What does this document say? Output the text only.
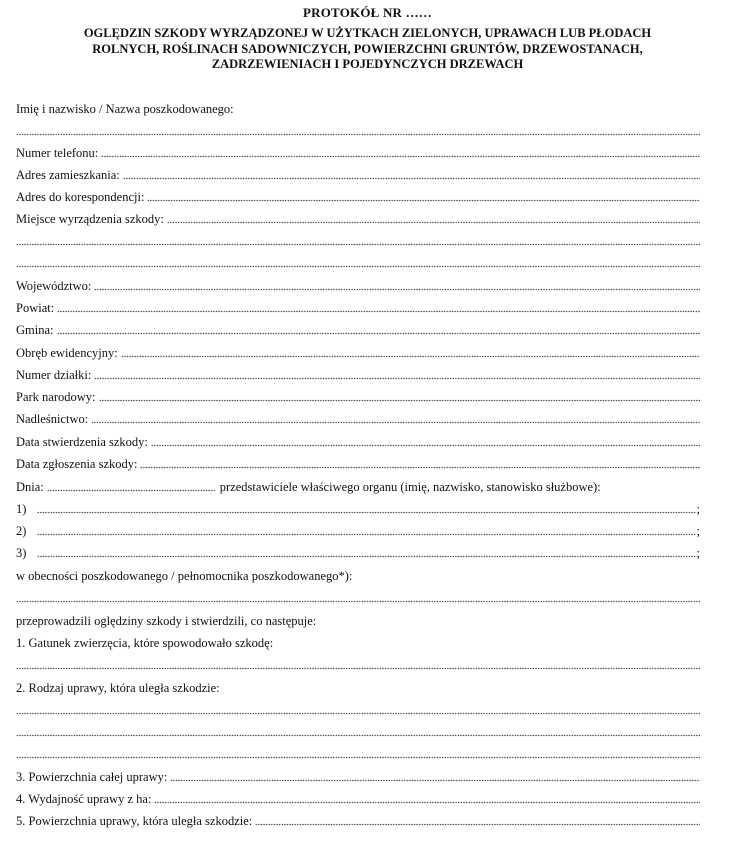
PROTOKÓŁ NR ……
OGLĘDZIN SZKODY WYRZĄDZONEJ W UŻYTKACH ZIELONYCH, UPRAWACH LUB PŁODACH
ROLNYCH, ROŚLINACH SADOWNICZYCH, POWIERZCHNI GRUNTÓW, DRZEWOSTANACH,
ZADRZEWIENIACH I POJEDYNCZYCH DRZEWACH
Imię i nazwisko / Nazwa poszkodowanego:
Numer telefonu:
Adres zamieszkania:
Adres do korespondencji:
Miejsce wyrządzenia szkody:
Województwo:
Powiat:
Gmina:
Obręb ewidencyjny:
Numer działki:
Park narodowy:
Nadleśnictwo:
Data stwierdzenia szkody:
Data zgłoszenia szkody:
Dnia:	przedstawiciele właściwego organu (imię, nazwisko, stanowisko służbowe):
1)	;
2)	;
3)	;
w obecności poszkodowanego / pełnomocnika poszkodowanego*):
przeprowadzili oględziny szkody i stwierdzili, co następuje:
1. Gatunek zwierzęcia, które spowodowało szkodę:
2. Rodzaj uprawy, która uległa szkodzie:
3. Powierzchnia całej uprawy:
4. Wydajność uprawy z ha:
5. Powierzchnia uprawy, która uległa szkodzie:
